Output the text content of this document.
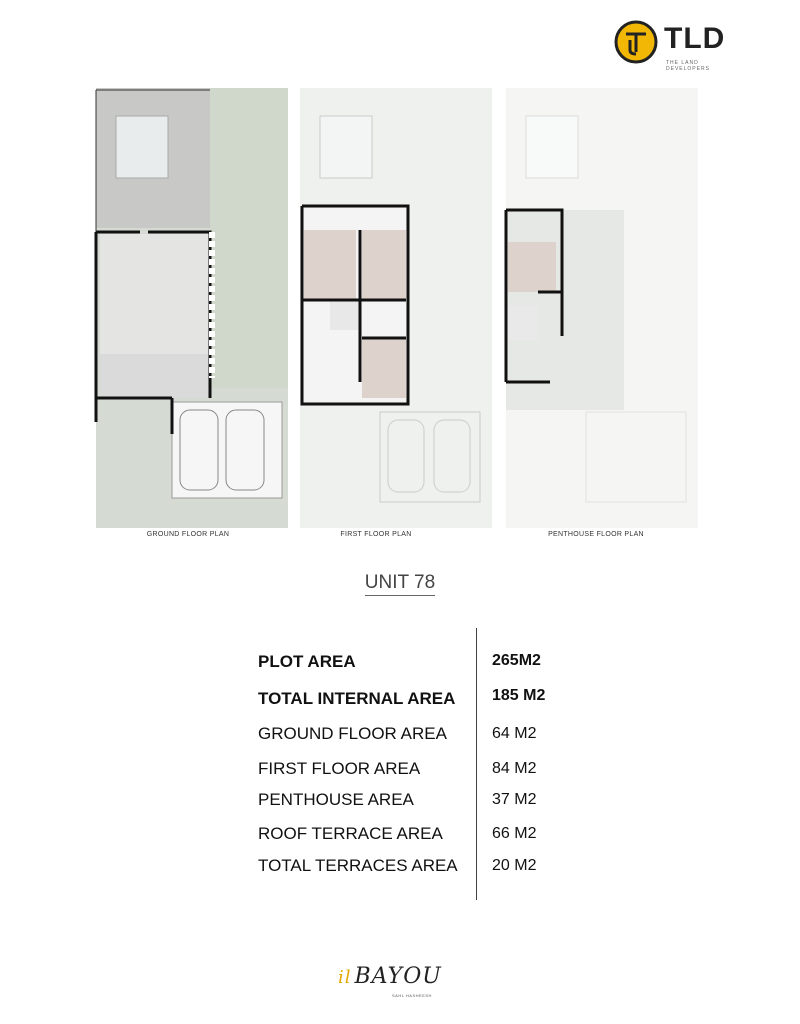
TLD
THE LAND DEVELOPERS
GROUND FLOOR PLAN	FIRST FLOOR PLAN	PENTHOUSE FLOOR PLAN
UNIT 78
PLOT AREA	265M2
TOTAL INTERNAL AREA 185 M2
GROUND FLOOR AREA	64 M2
FIRST FLOOR AREA	84 M2
PENTHOUSE AREA	37 M2
ROOF TERRACE AREA	66 M2
TOTAL TERRACES AREA 20 M2
il BAYOU
SAHL HASHEESH
